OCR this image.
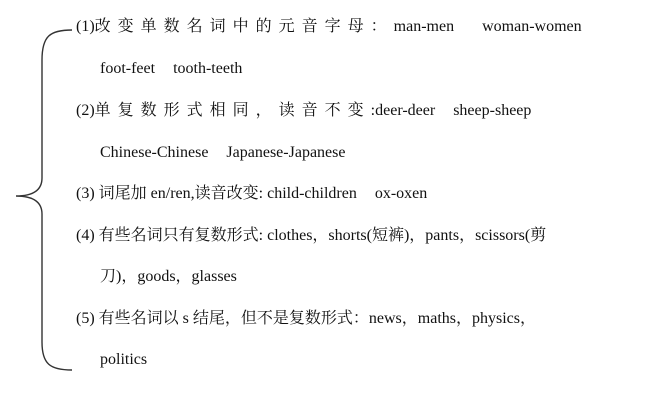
(1)改变单数名词中的元音字母：man-men woman-women
foot-feet tooth-teeth
(2)单复数形式相同，读音不变:deer-deer sheep-sheep
Chinese-Chinese Japanese-Japanese
(3) 词尾加 en/ren,读音改变: child-children ox-oxen
(4) 有些名词只有复数形式: clothes，shorts(短裤)，pants，scissors(剪
刀)，goods，glasses
(5) 有些名词以 s 结尾，但不是复数形式：news，maths，physics，
politics
